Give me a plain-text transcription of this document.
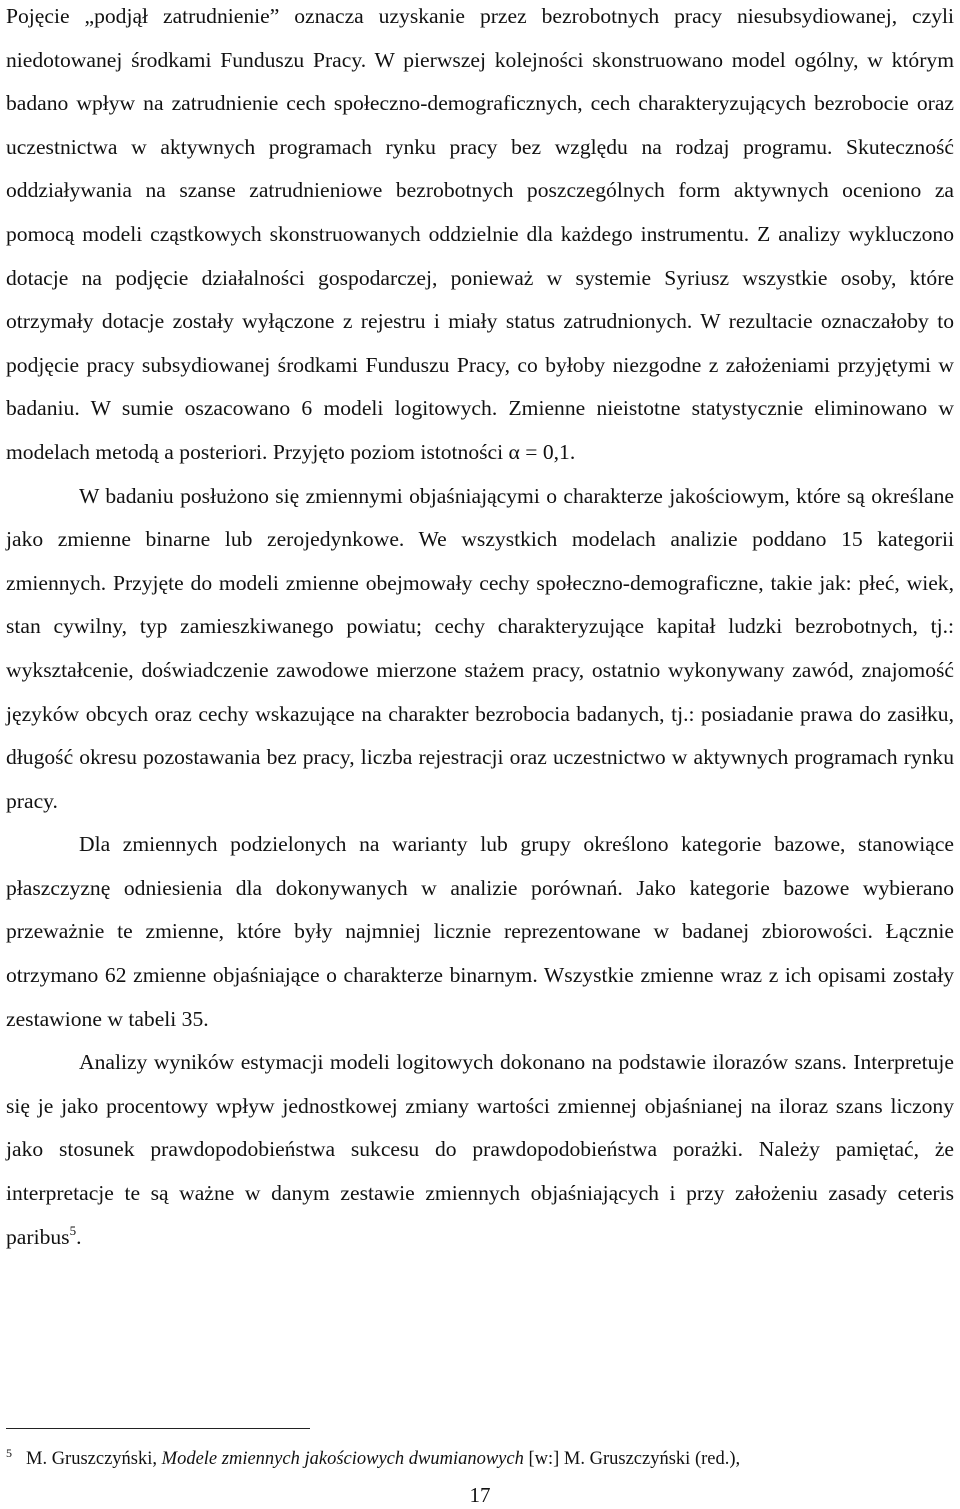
Pojęcie „podjął zatrudnienie” oznacza uzyskanie przez bezrobotnych pracy niesubsydiowanej, czyli niedotowanej środkami Funduszu Pracy. W pierwszej kolejności skonstruowano model ogólny, w którym badano wpływ na zatrudnienie cech społeczno-demograficznych, cech charakteryzujących bezrobocie oraz uczestnictwa w aktywnych programach rynku pracy bez względu na rodzaj programu. Skuteczność oddziaływania na szanse zatrudnieniowe bezrobotnych poszczególnych form aktywnych oceniono za pomocą modeli cząstkowych skonstruowanych oddzielnie dla każdego instrumentu. Z analizy wykluczono dotacje na podjęcie działalności gospodarczej, ponieważ w systemie Syriusz wszystkie osoby, które otrzymały dotacje zostały wyłączone z rejestru i miały status zatrudnionych. W rezultacie oznaczałoby to podjęcie pracy subsydiowanej środkami Funduszu Pracy, co byłoby niezgodne z założeniami przyjętymi w badaniu. W sumie oszacowano 6 modeli logitowych. Zmienne nieistotne statystycznie eliminowano w modelach metodą a posteriori. Przyjęto poziom istotności α = 0,1.

W badaniu posłużono się zmiennymi objaśniającymi o charakterze jakościowym, które są określane jako zmienne binarne lub zerojedynkowe. We wszystkich modelach analizie poddano 15 kategorii zmiennych. Przyjęte do modeli zmienne obejmowały cechy społeczno-demograficzne, takie jak: płeć, wiek, stan cywilny, typ zamieszkiwanego powiatu; cechy charakteryzujące kapitał ludzki bezrobotnych, tj.: wykształcenie, doświadczenie zawodowe mierzone stażem pracy, ostatnio wykonywany zawód, znajomość języków obcych oraz cechy wskazujące na charakter bezrobocia badanych, tj.: posiadanie prawa do zasiłku, długość okresu pozostawania bez pracy, liczba rejestracji oraz uczestnictwo w aktywnych programach rynku pracy.

Dla zmiennych podzielonych na warianty lub grupy określono kategorie bazowe, stanowiące płaszczyznę odniesienia dla dokonywanych w analizie porównań. Jako kategorie bazowe wybierano przeważnie te zmienne, które były najmniej licznie reprezentowane w badanej zbiorowości. Łącznie otrzymano 62 zmienne objaśniające o charakterze binarnym. Wszystkie zmienne wraz z ich opisami zostały zestawione w tabeli 35.

Analizy wyników estymacji modeli logitowych dokonano na podstawie ilorazów szans. Interpretuje się je jako procentowy wpływ jednostkowej zmiany wartości zmiennej objaśnianej na iloraz szans liczony jako stosunek prawdopodobieństwa sukcesu do prawdopodobieństwa porażki. Należy pamiętać, że interpretacje te są ważne w danym zestawie zmiennych objaśniających i przy założeniu zasady ceteris paribus$^5$.

$^5$ M. Gruszczyński, Modele zmiennych jakościowych dwumianowych [w:] M. Gruszczyński (red.),
17
